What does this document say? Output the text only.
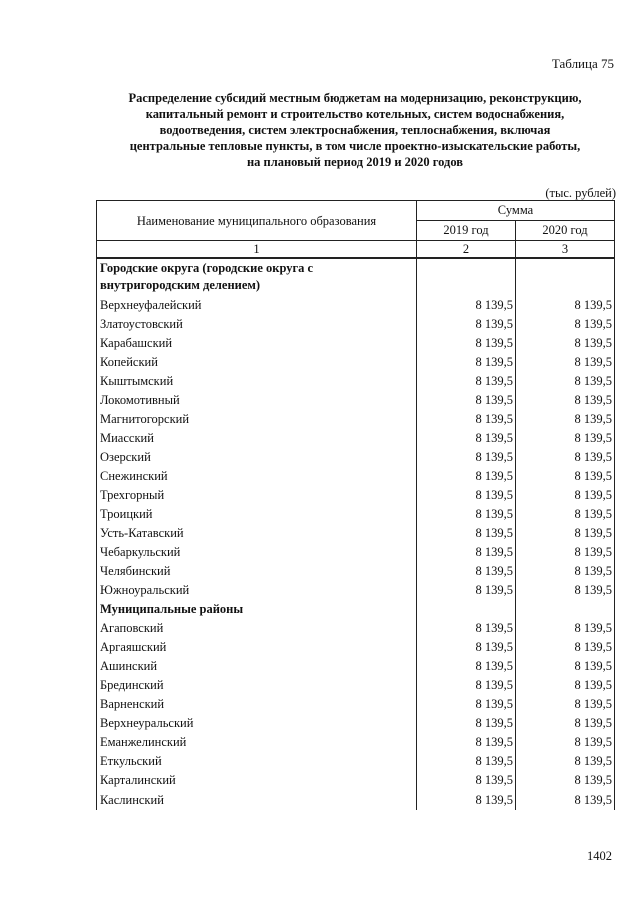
Таблица 75
Распределение субсидий местным бюджетам на модернизацию, реконструкцию,
капитальный ремонт и строительство котельных, систем водоснабжения,
водоотведения, систем электроснабжения, теплоснабжения, включая
центральные тепловые пункты, в том числе проектно-изыскательские работы,
на плановый период 2019 и 2020 годов
(тыс. рублей)
Наименование муниципального образования	Сумма	
	2019 год	2020 год
1	2	3
Городские округа (городские округа с внутригородским делением)		
Верхнеуфалейский	8 139,5	8 139,5
Златоустовский	8 139,5	8 139,5
Карабашский	8 139,5	8 139,5
Копейский	8 139,5	8 139,5
Кыштымский	8 139,5	8 139,5
Локомотивный	8 139,5	8 139,5
Магнитогорский	8 139,5	8 139,5
Миасский	8 139,5	8 139,5
Озерский	8 139,5	8 139,5
Снежинский	8 139,5	8 139,5
Трехгорный	8 139,5	8 139,5
Троицкий	8 139,5	8 139,5
Усть-Катавский	8 139,5	8 139,5
Чебаркульский	8 139,5	8 139,5
Челябинский	8 139,5	8 139,5
Южноуральский	8 139,5	8 139,5
Муниципальные районы		
Агаповский	8 139,5	8 139,5
Аргаяшский	8 139,5	8 139,5
Ашинский	8 139,5	8 139,5
Брединский	8 139,5	8 139,5
Варненский	8 139,5	8 139,5
Верхнеуральский	8 139,5	8 139,5
Еманжелинский	8 139,5	8 139,5
Еткульский	8 139,5	8 139,5
Карталинский	8 139,5	8 139,5
Каслинский	8 139,5	8 139,5
1402
